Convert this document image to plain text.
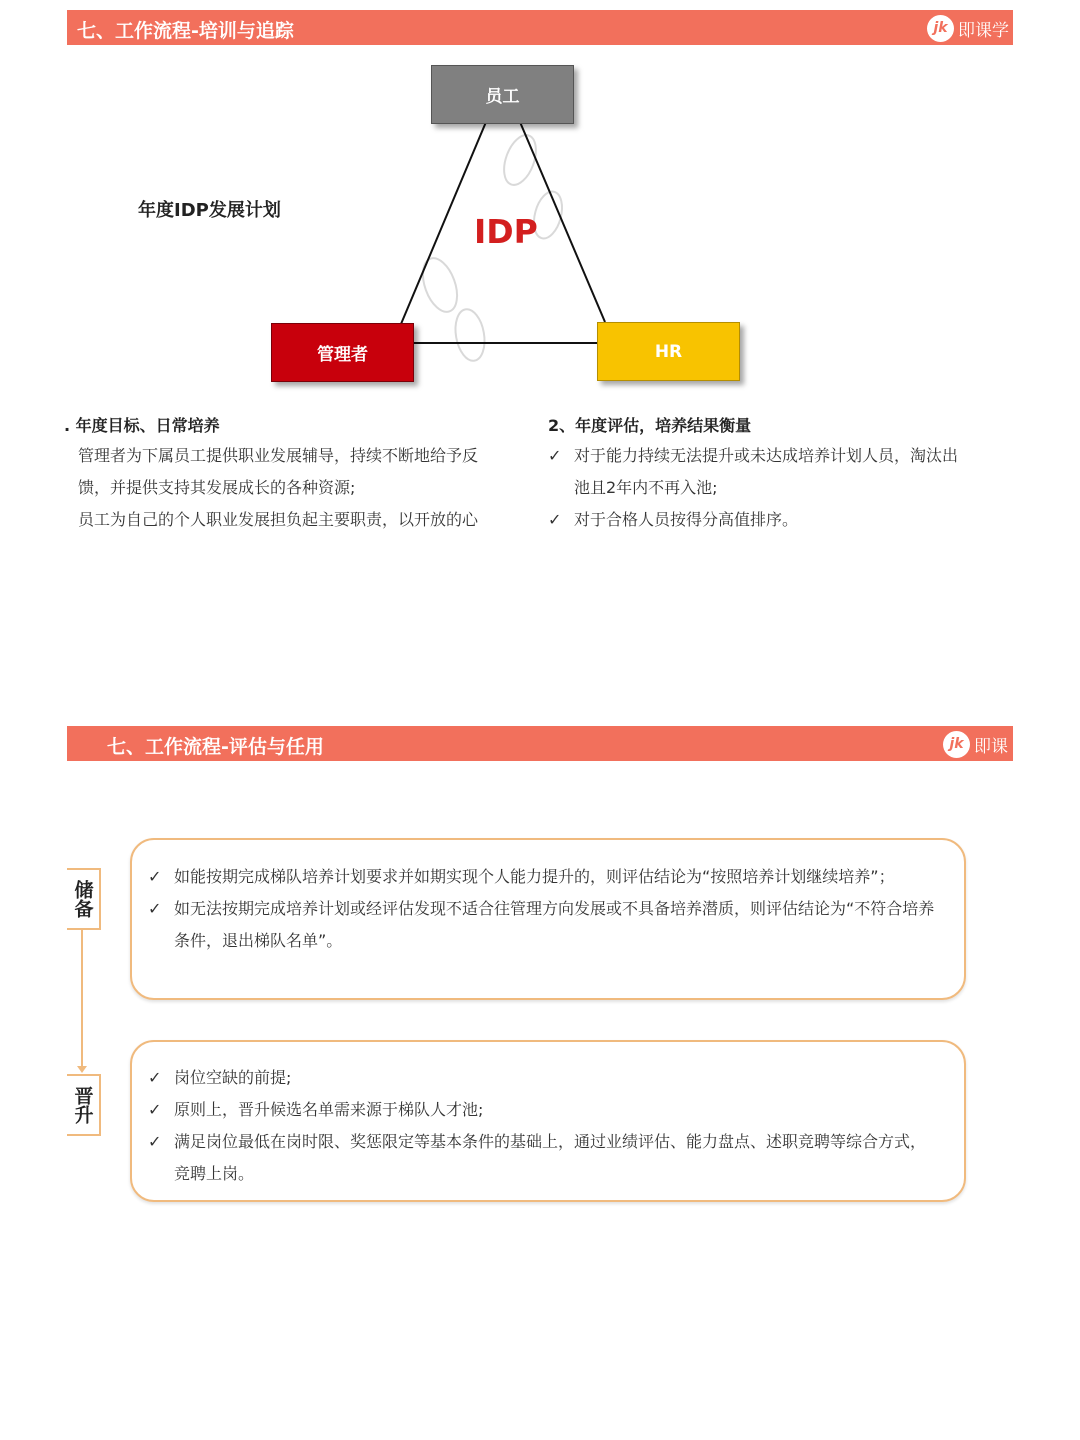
七、工作流程-培训与追踪	jk 即课学
员工
管理者	HR
IDP
年度IDP发展计划
. 年度目标、日常培养

管理者为下属员工提供职业发展辅导，持续不断地给予反

馈，并提供支持其发展成长的各种资源;

员工为自己的个人职业发展担负起主要职责，以开放的心

2、年度评估，培养结果衡量
✓ 对于能力持续无法提升或未达成培养计划人员，淘汰出池且2年内不再入池;
✓ 对于合格人员按得分高值排序。
七、工作流程-评估与任用	jk 即课
储备
晋升
✓ 如能按期完成梯队培养计划要求并如期实现个人能力提升的，则评估结论为“按照培养计划继续培养”；
✓ 如无法按期完成培养计划或经评估发现不适合往管理方向发展或不具备培养潜质，则评估结论为“不符合培养条件，退出梯队名单”。
✓ 岗位空缺的前提;
✓ 原则上，晋升候选名单需来源于梯队人才池;
✓ 满足岗位最低在岗时限、奖惩限定等基本条件的基础上，通过业绩评估、能力盘点、述职竞聘等综合方式，竞聘上岗。
